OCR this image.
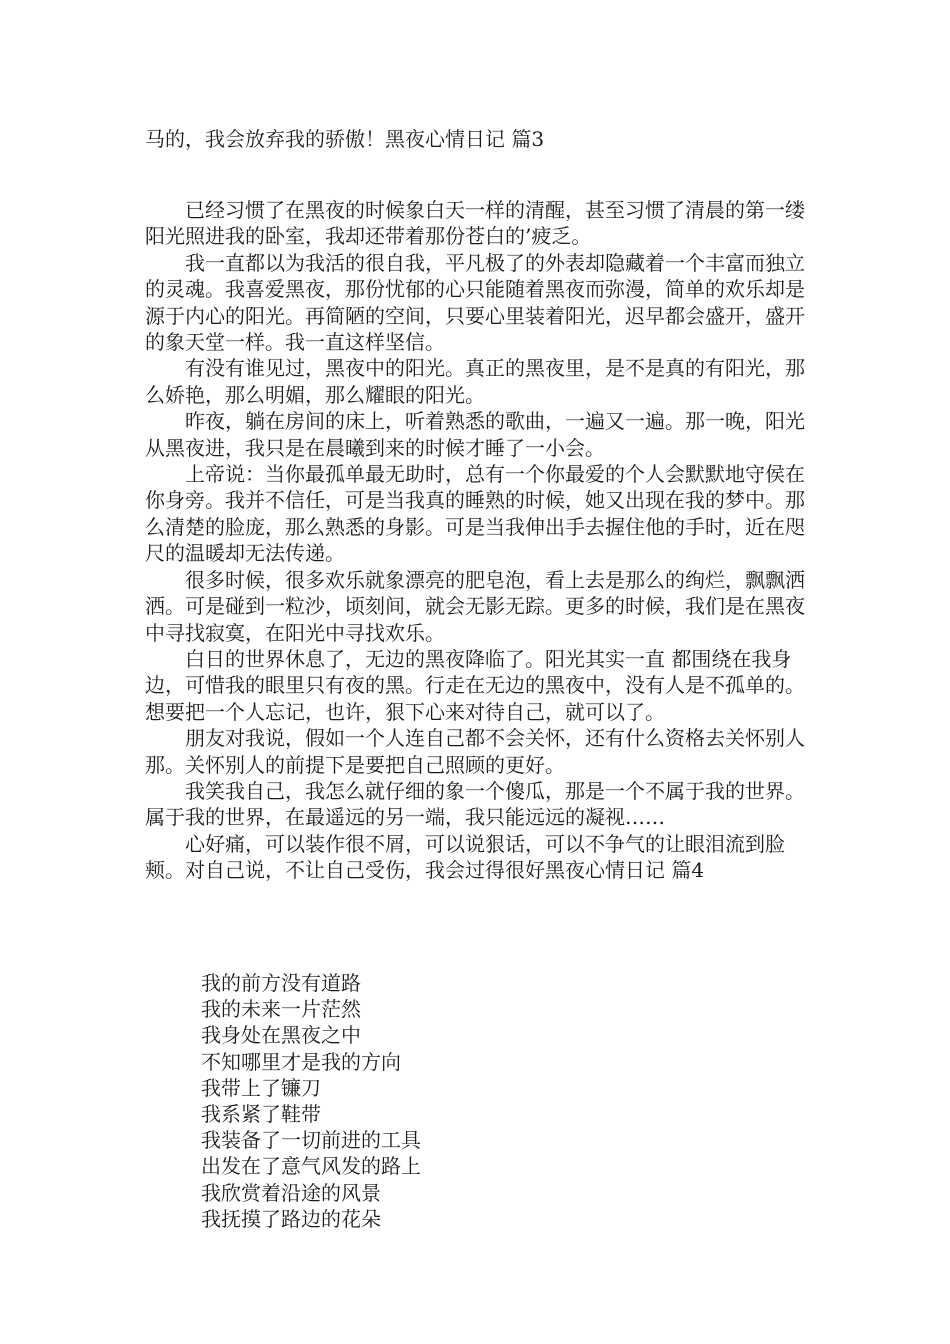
马的，我会放弃我的骄傲！黑夜心情日记 篇3

已经习惯了在黑夜的时候象白天一样的清醒，甚至习惯了清晨的第一缕阳光照进我的卧室，我却还带着那份苍白的’疲乏。

我一直都以为我活的很自我，平凡极了的外表却隐藏着一个丰富而独立的灵魂。我喜爱黑夜，那份忧郁的心只能随着黑夜而弥漫，简单的欢乐却是源于内心的阳光。再简陋的空间，只要心里装着阳光，迟早都会盛开，盛开的象天堂一样。我一直这样坚信。

有没有谁见过，黑夜中的阳光。真正的黑夜里，是不是真的有阳光，那么娇艳，那么明媚，那么耀眼的阳光。

昨夜，躺在房间的床上，听着熟悉的歌曲，一遍又一遍。那一晚，阳光从黑夜进，我只是在晨曦到来的时候才睡了一小会。

上帝说：当你最孤单最无助时，总有一个你最爱的个人会默默地守侯在你身旁。我并不信任，可是当我真的睡熟的时候，她又出现在我的梦中。那么清楚的脸庞，那么熟悉的身影。可是当我伸出手去握住他的手时，近在咫尺的温暖却无法传递。

很多时候，很多欢乐就象漂亮的肥皂泡，看上去是那么的绚烂，飘飘洒洒。可是碰到一粒沙，顷刻间，就会无影无踪。更多的时候，我们是在黑夜中寻找寂寞，在阳光中寻找欢乐。

白日的世界休息了，无边的黑夜降临了。阳光其实一直 都围绕在我身边，可惜我的眼里只有夜的黑。行走在无边的黑夜中，没有人是不孤单的。想要把一个人忘记，也许，狠下心来对待自己，就可以了。

朋友对我说，假如一个人连自己都不会关怀，还有什么资格去关怀别人那。关怀别人的前提下是要把自己照顾的更好。

我笑我自己，我怎么就仔细的象一个傻瓜，那是一个不属于我的世界。属于我的世界，在最遥远的另一端，我只能远远的凝视……

心好痛，可以装作很不屑，可以说狠话，可以不争气的让眼泪流到脸颊。对自己说，不让自己受伤，我会过得很好黑夜心情日记 篇4

我的前方没有道路
我的未来一片茫然
我身处在黑夜之中
不知哪里才是我的方向
我带上了镰刀
我系紧了鞋带
我装备了一切前进的工具
出发在了意气风发的路上
我欣赏着沿途的风景
我抚摸了路边的花朵
